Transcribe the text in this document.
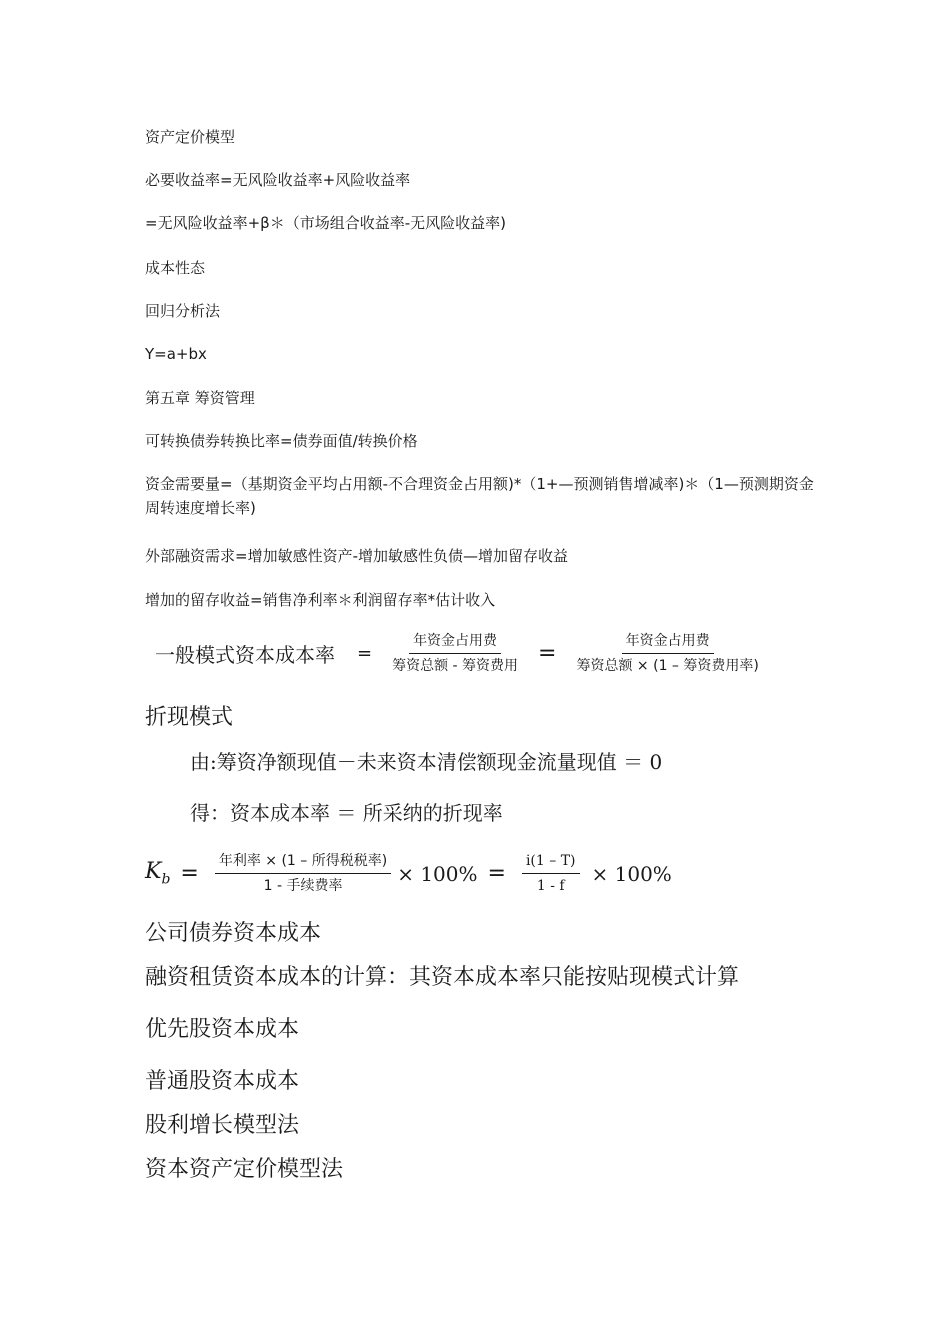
资产定价模型
必要收益率=无风险收益率+风险收益率
=无风险收益率+β＊（市场组合收益率-无风险收益率)
成本性态
回归分析法
Y=a+bx
第五章 筹资管理
可转换债券转换比率=债券面值/转换价格
资金需要量=（基期资金平均占用额-不合理资金占用额)*（1+—预测销售增减率)＊（1—预测期资金周转速度增长率)
外部融资需求=增加敏感性资产-增加敏感性负债—增加留存收益
增加的留存收益=销售净利率＊利润留存率*估计收入
一般模式资本成本率 = $\frac{\text{年资金占用费}}{\text{筹资总额 - 筹资费用}} = \frac{\text{年资金占用费}}{\text{筹资总额 × (1 – 筹资费用率)}}$
折现模式
由:筹资净额现值－未来资本清偿额现金流量现值 ＝ 0
得：资本成本率 ＝ 所采纳的折现率
$K_b = \frac{\text{年利率 × (1 – 所得税税率)}}{\text{1 - 手续费率}} \times 100\% = \frac{i(1 - T)}{1 - f} \times 100\%$
公司债券资本成本
融资租赁资本成本的计算：其资本成本率只能按贴现模式计算
优先股资本成本
普通股资本成本
股利增长模型法
资本资产定价模型法
